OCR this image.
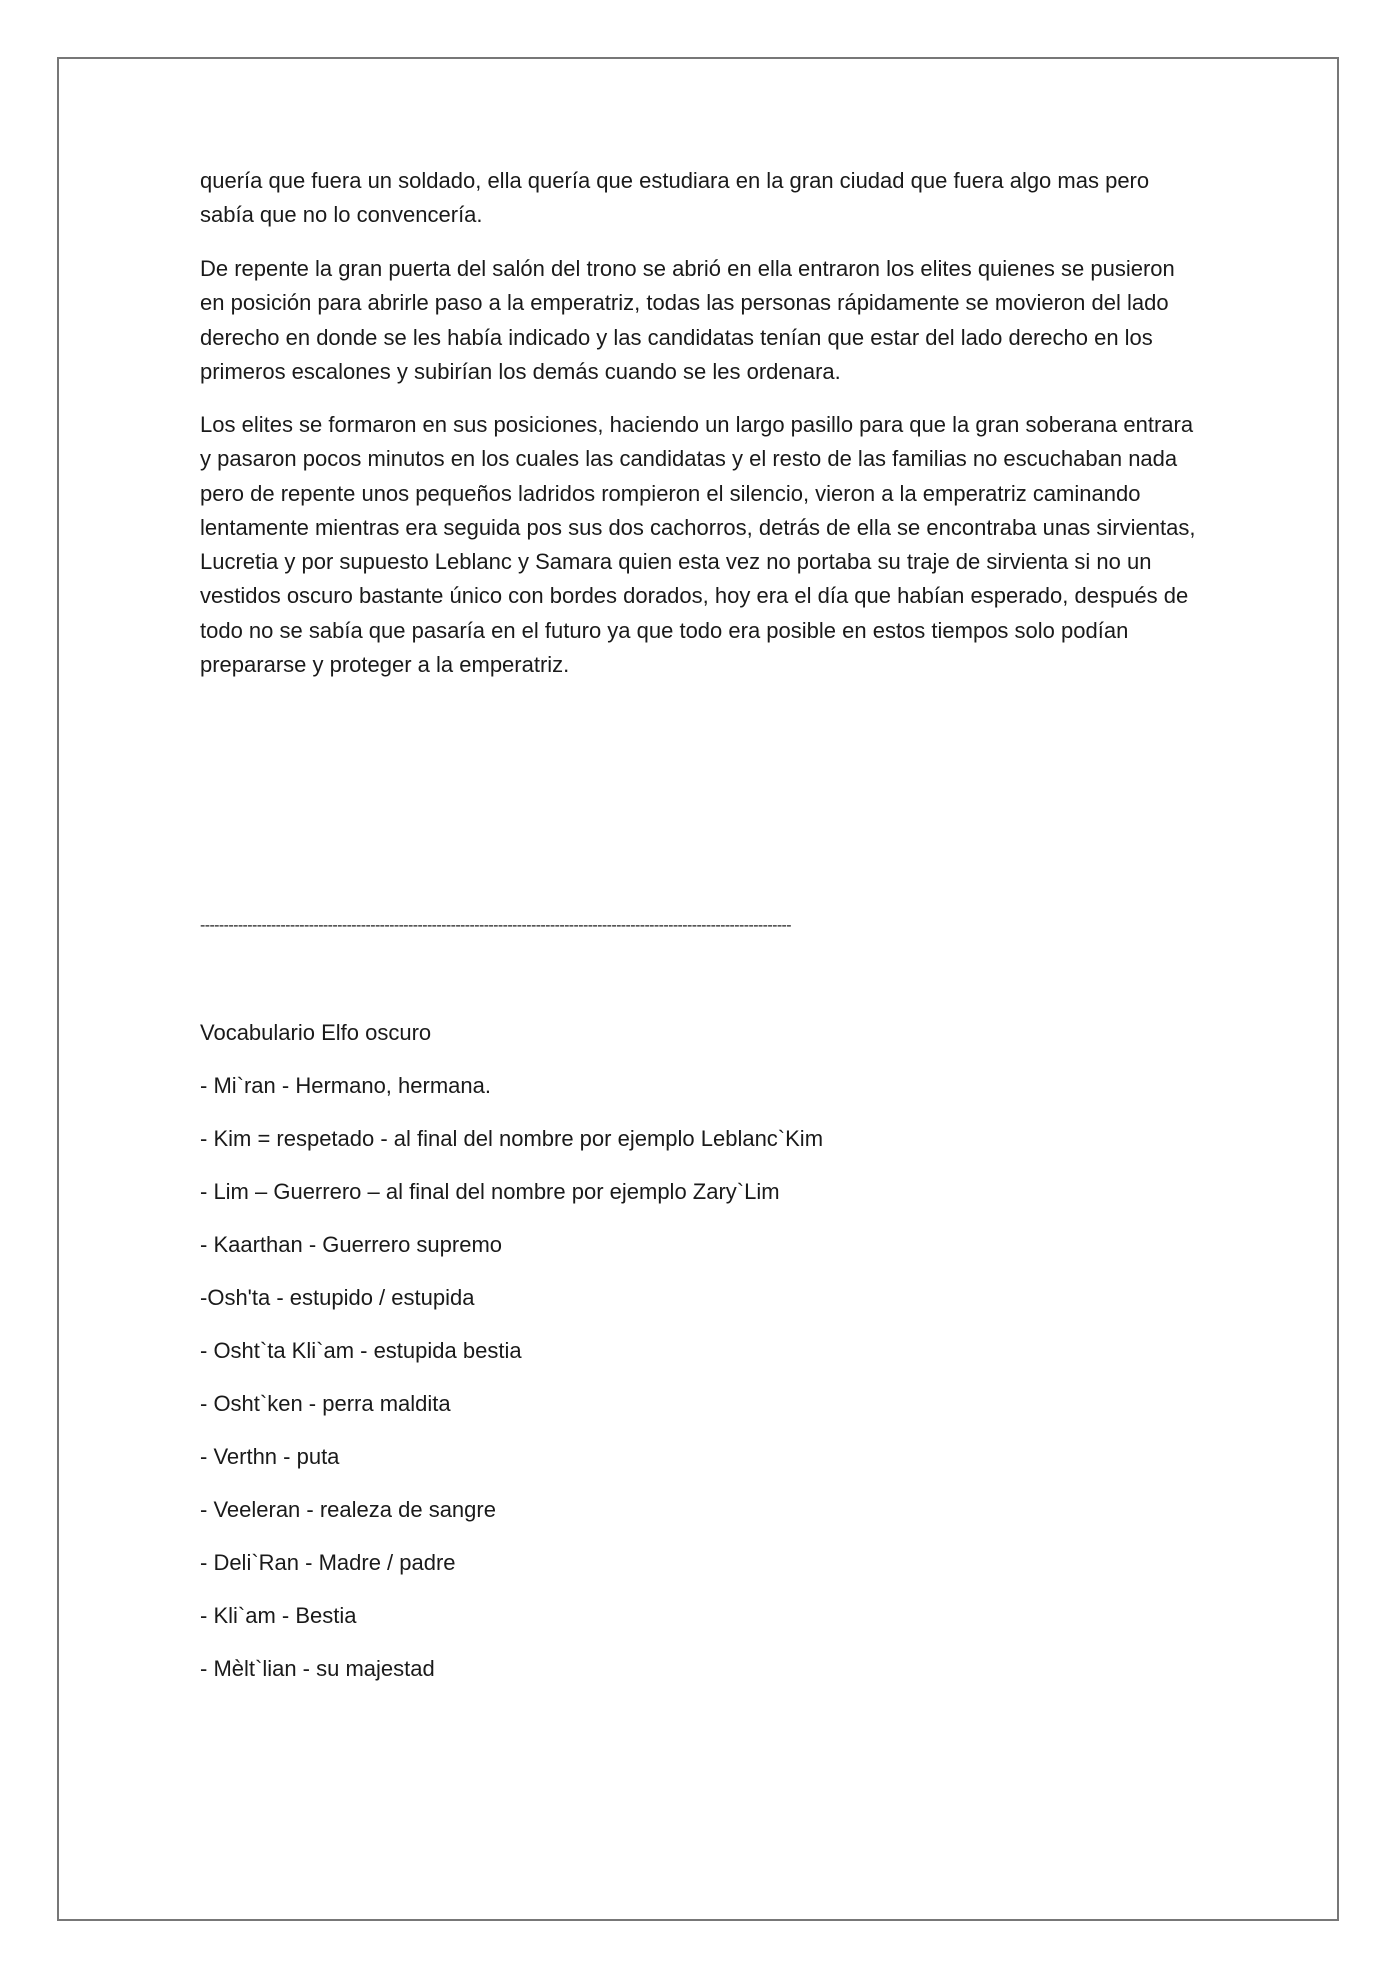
quería que fuera un soldado, ella quería que estudiara en la gran ciudad que fuera algo mas pero sabía que no lo convencería.

De repente la gran puerta del salón del trono se abrió en ella entraron los elites quienes se pusieron en posición para abrirle paso a la emperatriz, todas las personas rápidamente se movieron del lado derecho en donde se les había indicado y las candidatas tenían que estar del lado derecho en los primeros escalones y subirían los demás cuando se les ordenara.

Los elites se formaron en sus posiciones, haciendo un largo pasillo para que la gran soberana entrara y pasaron pocos minutos en los cuales las candidatas y el resto de las familias no escuchaban nada pero de repente unos pequeños ladridos rompieron el silencio, vieron a la emperatriz caminando lentamente mientras era seguida pos sus dos cachorros, detrás de ella se encontraba unas sirvientas, Lucretia y por supuesto Leblanc y Samara quien esta vez no portaba su traje de sirvienta si no un vestidos oscuro bastante único con bordes dorados, hoy era el día que habían esperado, después de todo no se sabía que pasaría en el futuro ya que todo era posible en estos tiempos solo podían prepararse y proteger a la emperatriz.

-----------------------------------------------------------------------------------------------------------------------------
Vocabulario Elfo oscuro
- Mi`ran - Hermano, hermana.
- Kim = respetado - al final del nombre por ejemplo Leblanc`Kim
- Lim – Guerrero – al final del nombre por ejemplo Zary`Lim
- Kaarthan - Guerrero supremo
-Osh'ta - estupido / estupida
- Osht`ta Kli`am - estupida bestia
- Osht`ken - perra maldita
- Verthn - puta
- Veeleran - realeza de sangre
- Deli`Ran - Madre / padre
- Kli`am - Bestia
- Mèlt`lian - su majestad
